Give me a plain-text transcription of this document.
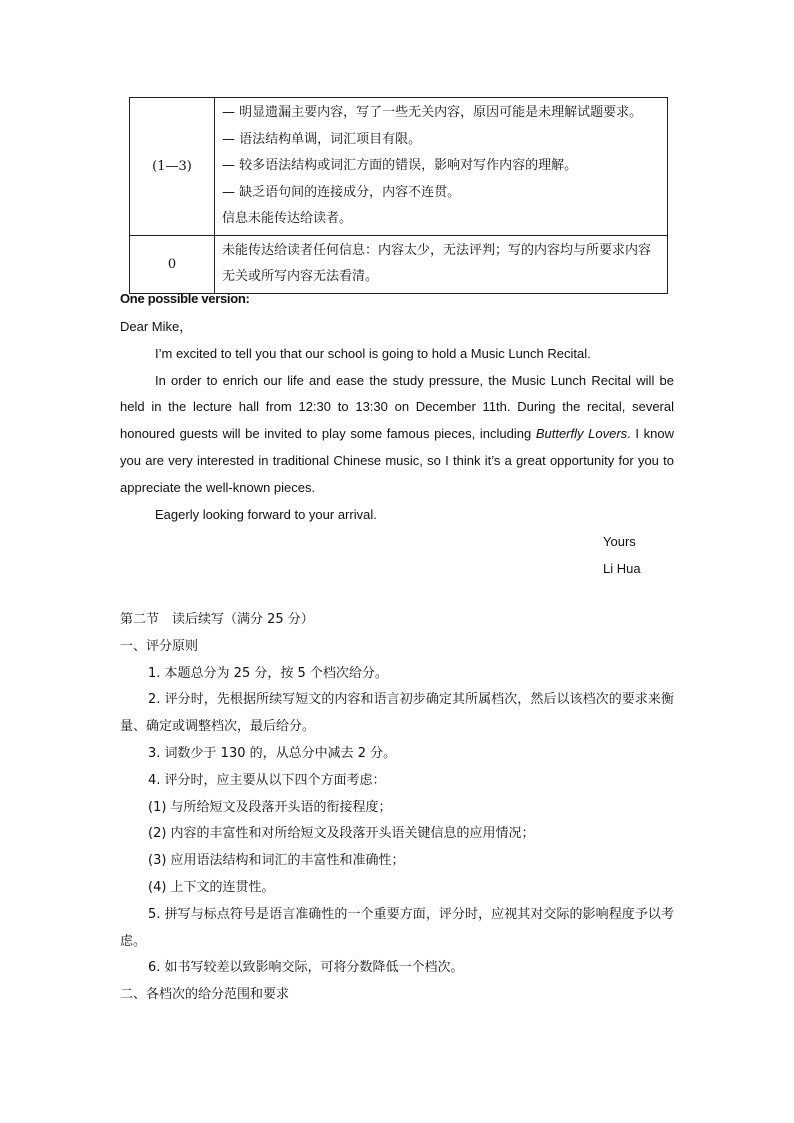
(1—3)	— 明显遗漏主要内容，写了一些无关内容，原因可能是未理解试题要求。
— 语法结构单调，词汇项目有限。
— 较多语法结构或词汇方面的错误，影响对写作内容的理解。
— 缺乏语句间的连接成分，内容不连贯。
信息未能传达给读者。

0	未能传达给读者任何信息：内容太少，无法评判；写的内容均与所要求内容无关或所写内容无法看清。
One possible version:

Dear Mike，

I’m excited to tell you that our school is going to hold a Music Lunch Recital.

In order to enrich our life and ease the study pressure, the Music Lunch Recital will be held in the lecture hall from 12:30 to 13:30 on December 11th. During the recital, several honoured guests will be invited to play some famous pieces, including Butterfly Lovers. I know you are very interested in traditional Chinese music, so I think it’s a great opportunity for you to appreciate the well-known pieces.

Eagerly looking forward to your arrival.

Yours
Li Hua

第二节　读后续写（满分 25 分）

一、评分原则

1. 本题总分为 25 分，按 5 个档次给分。

2. 评分时，先根据所续写短文的内容和语言初步确定其所属档次，然后以该档次的要求来衡量、确定或调整档次，最后给分。

3. 词数少于 130 的，从总分中减去 2 分。

4. 评分时，应主要从以下四个方面考虑：

(1) 与所给短文及段落开头语的衔接程度；

(2) 内容的丰富性和对所给短文及段落开头语关键信息的应用情况；

(3) 应用语法结构和词汇的丰富性和准确性；

(4) 上下文的连贯性。

5. 拼写与标点符号是语言准确性的一个重要方面，评分时，应视其对交际的影响程度予以考虑。

6. 如书写较差以致影响交际，可将分数降低一个档次。

二、各档次的给分范围和要求
